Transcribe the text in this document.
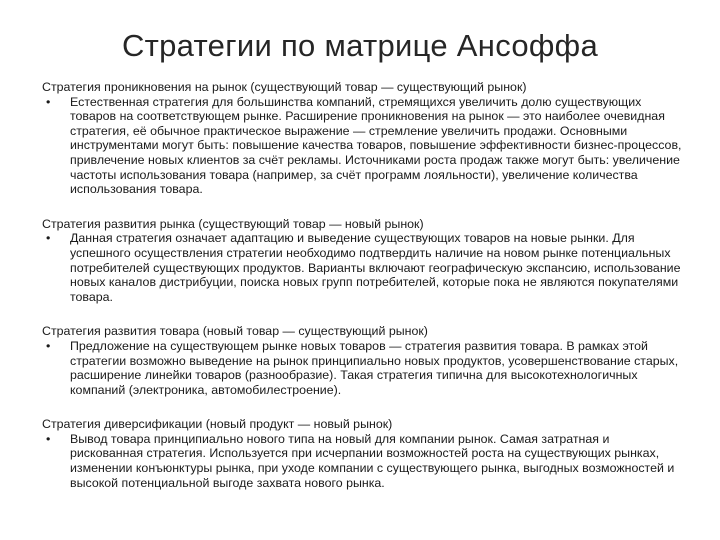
Стратегии по матрице Ансоффа

Стратегия проникновения на рынок (существующий товар — существующий рынок)

• Естественная стратегия для большинства компаний, стремящихся увеличить долю существующих товаров на соответствующем рынке. Расширение проникновения на рынок — это наиболее очевидная стратегия, её обычное практическое выражение — стремление увеличить продажи. Основными инструментами могут быть: повышение качества товаров, повышение эффективности бизнес-процессов, привлечение новых клиентов за счёт рекламы. Источниками роста продаж также могут быть: увеличение частоты использования товара (например, за счёт программ лояльности), увеличение количества использования товара.

Стратегия развития рынка (существующий товар — новый рынок)

• Данная стратегия означает адаптацию и выведение существующих товаров на новые рынки. Для успешного осуществления стратегии необходимо подтвердить наличие на новом рынке потенциальных потребителей существующих продуктов. Варианты включают географическую экспансию, использование новых каналов дистрибуции, поиска новых групп потребителей, которые пока не являются покупателями товара.

Стратегия развития товара (новый товар — существующий рынок)

• Предложение на существующем рынке новых товаров — стратегия развития товара. В рамках этой стратегии возможно выведение на рынок принципиально новых продуктов, усовершенствование старых, расширение линейки товаров (разнообразие). Такая стратегия типична для высокотехнологичных компаний (электроника, автомобилестроение).

Стратегия диверсификации (новый продукт — новый рынок)

• Вывод товара принципиально нового типа на новый для компании рынок. Самая затратная и рискованная стратегия. Используется при исчерпании возможностей роста на существующих рынках, изменении конъюнктуры рынка, при уходе компании с существующего рынка, выгодных возможностей и высокой потенциальной выгоде захвата нового рынка.
